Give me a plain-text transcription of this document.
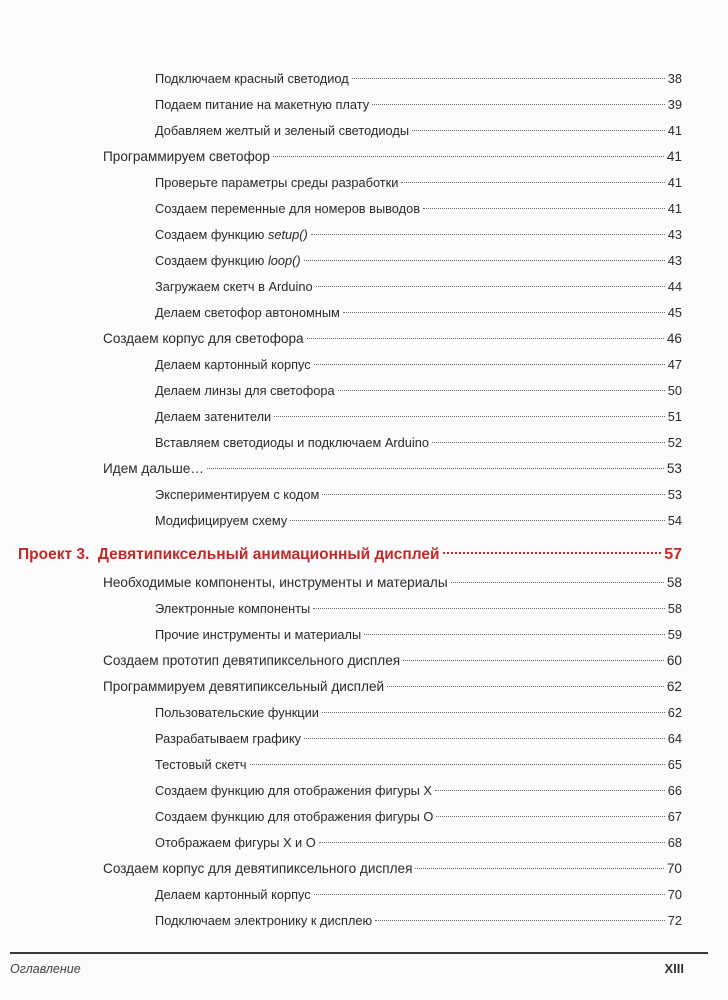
Подключаем красный светодиод	38
Подаем питание на макетную плату	39
Добавляем желтый и зеленый светодиоды	41
Программируем светофор	41
Проверьте параметры среды разработки	41
Создаем переменные для номеров выводов	41
Создаем функцию setup()	43
Создаем функцию loop()	43
Загружаем скетч в Arduino	44
Делаем светофор автономным	45
Создаем корпус для светофора	46
Делаем картонный корпус	47
Делаем линзы для светофора	50
Делаем затенители	51
Вставляем светодиоды и подключаем Arduino	52
Идем дальше…	53
Экспериментируем с кодом	53
Модифицируем схему	54
Проект 3.  Девятипиксельный анимационный дисплей	57
Необходимые компоненты, инструменты и материалы	58
Электронные компоненты	58
Прочие инструменты и материалы	59
Создаем прототип девятипиксельного дисплея	60
Программируем девятипиксельный дисплей	62
Пользовательские функции	62
Разрабатываем графику	64
Тестовый скетч	65
Создаем функцию для отображения фигуры Х	66
Создаем функцию для отображения фигуры О	67
Отображаем фигуры Х и О	68
Создаем корпус для девятипиксельного дисплея	70
Делаем картонный корпус	70
Подключаем электронику к дисплею	72
Оглавление	XIII
